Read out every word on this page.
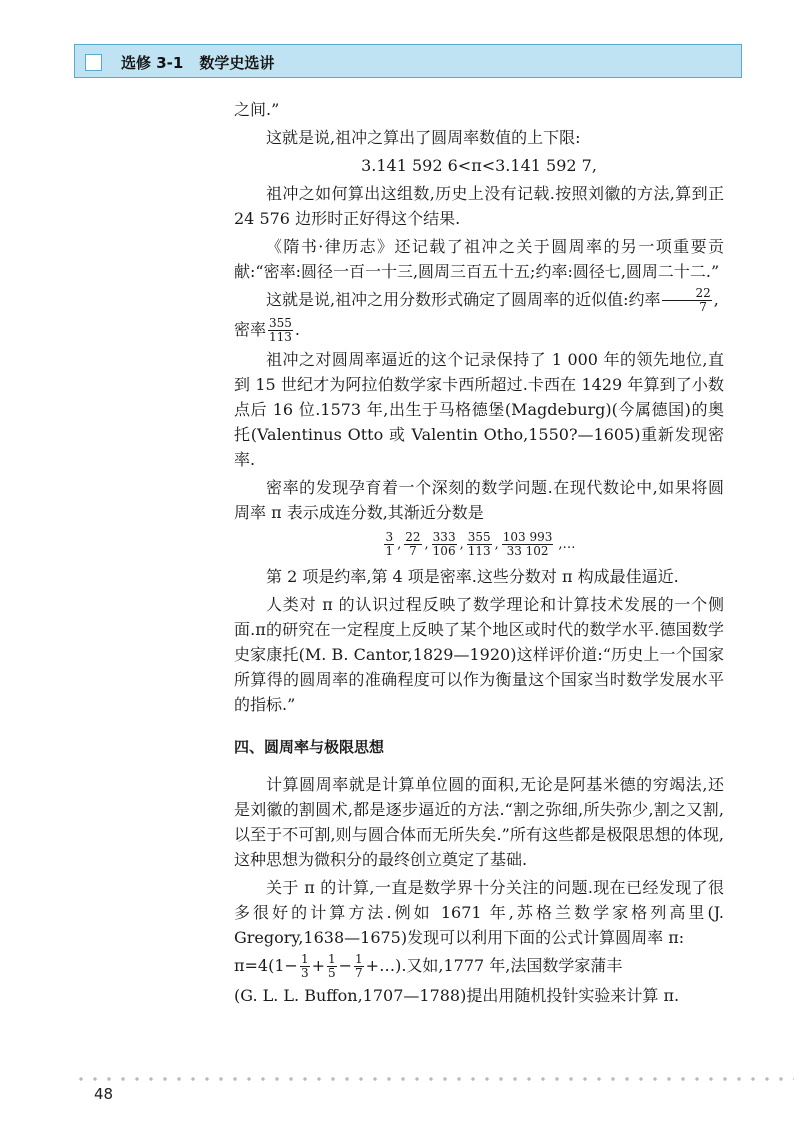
选修 3-1 数学史选讲

之间.”

这就是说,祖冲之算出了圆周率数值的上下限:

3.141 592 6<π<3.141 592 7,

祖冲之如何算出这组数,历史上没有记载.按照刘徽的方法,算到正 24 576 边形时正好得这个结果.

《隋书·律历志》还记载了祖冲之关于圆周率的另一项重要贡献:“密率:圆径一百一十三,圆周三百五十五;约率:圆径七,圆周二十二.”

这就是说,祖冲之用分数形式确定了圆周率的近似值:约率 $\frac{22}{7}$ ,

密率 $\frac{355}{113}$ .

祖冲之对圆周率逼近的这个记录保持了 1 000 年的领先地位,直到 15 世纪才为阿拉伯数学家卡西所超过.卡西在 1429 年算到了小数点后 16 位.1573 年,出生于马格德堡(Magdeburg)(今属德国)的奥托(Valentinus Otto 或 Valentin Otho,1550?—1605)重新发现密率.

密率的发现孕育着一个深刻的数学问题.在现代数论中,如果将圆周率 π 表示成连分数,其渐近分数是

$\frac{3}{1}$ , $\frac{22}{7}$ , $\frac{333}{106}$ , $\frac{355}{113}$ , $\frac{103 993}{33 102}$ ,…

第 2 项是约率,第 4 项是密率.这些分数对 π 构成最佳逼近.

人类对 π 的认识过程反映了数学理论和计算技术发展的一个侧面.π的研究在一定程度上反映了某个地区或时代的数学水平.德国数学史家康托(M. B. Cantor,1829—1920)这样评价道:“历史上一个国家所算得的圆周率的准确程度可以作为衡量这个国家当时数学发展水平的指标.”

四、圆周率与极限思想

计算圆周率就是计算单位圆的面积,无论是阿基米德的穷竭法,还是刘徽的割圆术,都是逐步逼近的方法.“割之弥细,所失弥少,割之又割,以至于不可割,则与圆合体而无所失矣.”所有这些都是极限思想的体现,这种思想为微积分的最终创立奠定了基础.

关于 π 的计算,一直是数学界十分关注的问题.现在已经发现了很多很好的计算方法.例如 1671 年,苏格兰数学家格列高里(J. Gregory,1638—1675)发现可以利用下面的公式计算圆周率 π:

$\pi=4(1- \frac{1}{3} + \frac{1}{5} - \frac{1}{7}$ +…).又如,1777 年,法国数学家蒲丰

(G. L. L. Buffon,1707—1788)提出用随机投针实验来计算 π.

48
